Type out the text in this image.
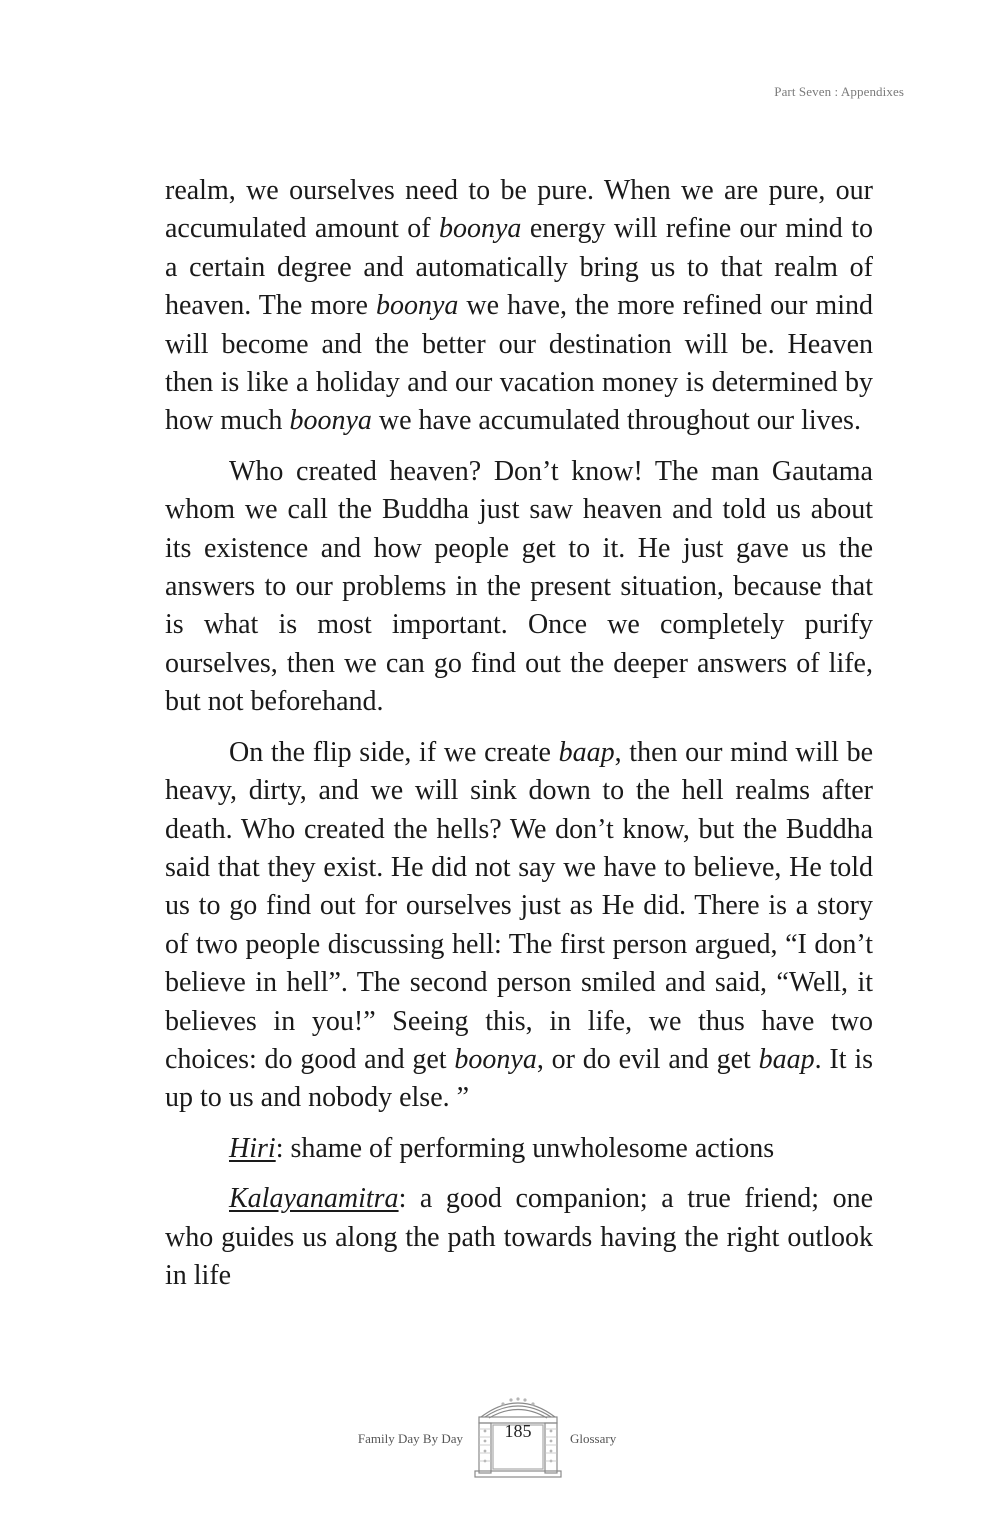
Part Seven : Appendixes

realm, we ourselves need to be pure. When we are pure, our accumulated amount of boonya energy will refine our mind to a certain degree and automatically bring us to that realm of heaven. The more boonya we have, the more refined our mind will become and the better our destination will be. Heaven then is like a holiday and our vacation money is determined by how much boonya we have accumulated throughout our lives.

Who created heaven? Don’t know! The man Gautama whom we call the Buddha just saw heaven and told us about its existence and how people get to it. He just gave us the answers to our problems in the present situation, because that is what is most important. Once we completely purify ourselves, then we can go find out the deeper answers of life, but not beforehand.

On the flip side, if we create baap, then our mind will be heavy, dirty, and we will sink down to the hell realms after death. Who created the hells? We don’t know, but the Buddha said that they exist. He did not say we have to believe, He told us to go find out for ourselves just as He did. There is a story of two people discussing hell: The first person argued, “I don’t believe in hell”. The second person smiled and said, “Well, it believes in you!” Seeing this, in life, we thus have two choices: do good and get boonya, or do evil and get baap. It is up to us and nobody else. ”

Hiri: shame of performing unwholesome actions

Kalayanamitra: a good companion; a true friend; one who guides us along the path towards having the right outlook in life

Family Day By Day	185	Glossary
